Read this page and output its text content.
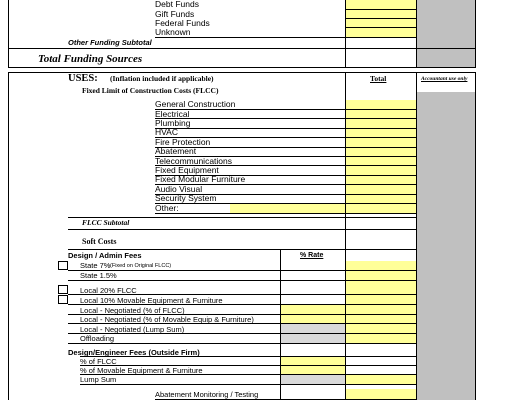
Debt Funds
Gift Funds
Federal Funds
Unknown
Other Funding Subtotal
Total Funding Sources
USES: (Inflation included if applicable)	Total	Accountant use only
Fixed Limit of Construction Costs (FLCC)
General Construction
Electrical
Plumbing
HVAC
Fire Protection
Abatement
Telecommunications
Fixed Equipment
Fixed Modular Furniture
Audio Visual
Security System
Other:
FLCC Subtotal
Soft Costs
Design / Admin Fees	% Rate
State 7% (Fixed on Original FLCC)
State 1.5%
Local 20% FLCC
Local 10% Movable Equipment & Furniture
Local - Negotiated (% of FLCC)
Local - Negotiated (% of Movable Equip & Furniture)
Local - Negotiated (Lump Sum)
Offloading
Design/Engineer Fees (Outside Firm)
% of FLCC
% of Movable Equipment & Furniture
Lump Sum
Abatement Monitoring / Testing
